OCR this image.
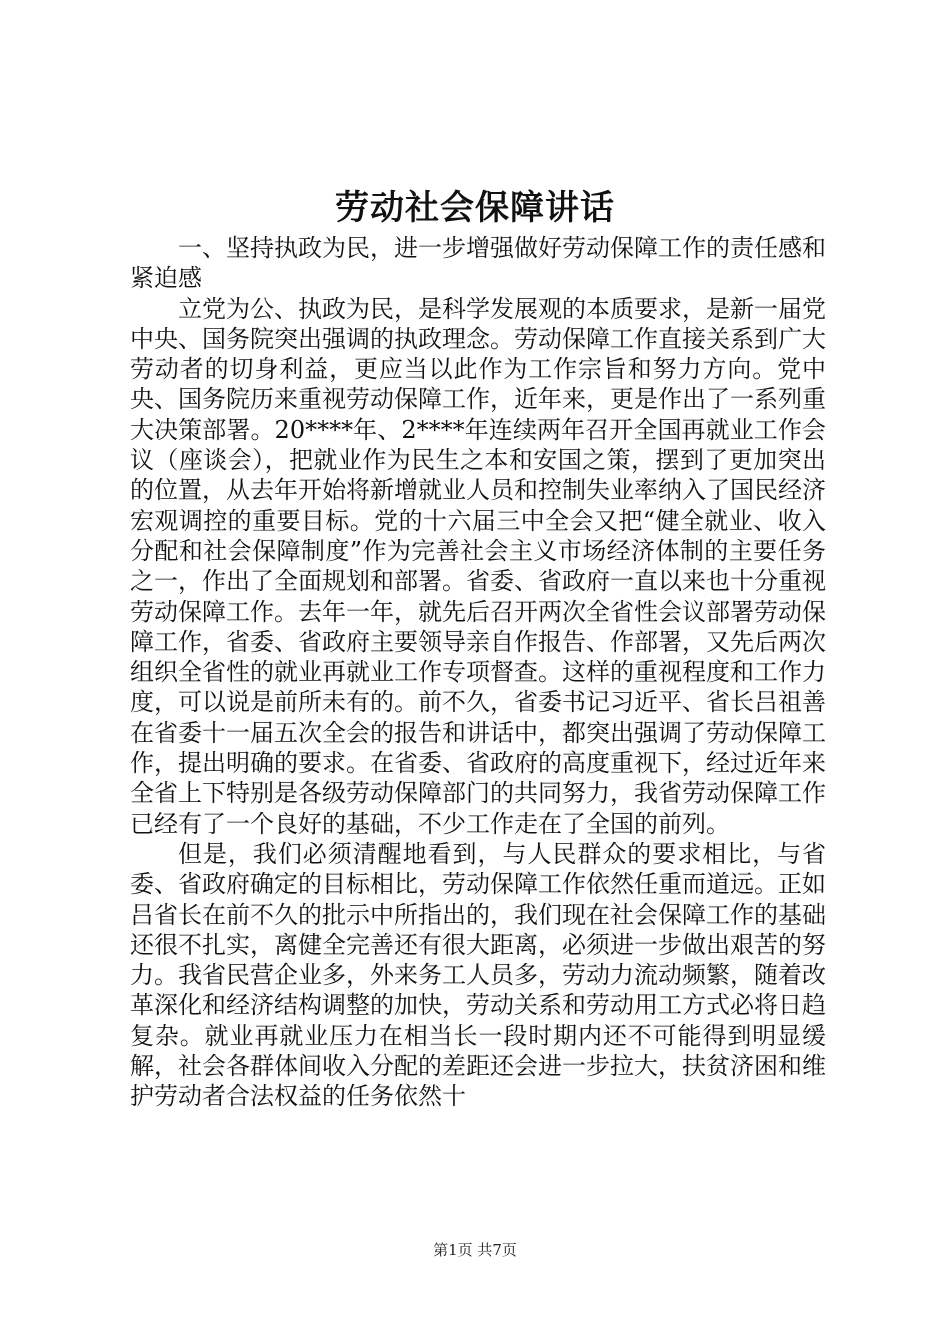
劳动社会保障讲话

一、坚持执政为民，进一步增强做好劳动保障工作的责任感和紧迫感

立党为公、执政为民，是科学发展观的本质要求，是新一届党中央、国务院突出强调的执政理念。劳动保障工作直接关系到广大劳动者的切身利益，更应当以此作为工作宗旨和努力方向。党中央、国务院历来重视劳动保障工作，近年来，更是作出了一系列重大决策部署。20****年、2****年连续两年召开全国再就业工作会议（座谈会），把就业作为民生之本和安国之策，摆到了更加突出的位置，从去年开始将新增就业人员和控制失业率纳入了国民经济宏观调控的重要目标。党的十六届三中全会又把“健全就业、收入分配和社会保障制度”作为完善社会主义市场经济体制的主要任务之一，作出了全面规划和部署。省委、省政府一直以来也十分重视劳动保障工作。去年一年，就先后召开两次全省性会议部署劳动保障工作，省委、省政府主要领导亲自作报告、作部署，又先后两次组织全省性的就业再就业工作专项督查。这样的重视程度和工作力度，可以说是前所未有的。前不久，省委书记习近平、省长吕祖善在省委十一届五次全会的报告和讲话中，都突出强调了劳动保障工作，提出明确的要求。在省委、省政府的高度重视下，经过近年来全省上下特别是各级劳动保障部门的共同努力，我省劳动保障工作已经有了一个良好的基础，不少工作走在了全国的前列。

但是，我们必须清醒地看到，与人民群众的要求相比，与省委、省政府确定的目标相比，劳动保障工作依然任重而道远。正如吕省长在前不久的批示中所指出的，我们现在社会保障工作的基础还很不扎实，离健全完善还有很大距离，必须进一步做出艰苦的努力。我省民营企业多，外来务工人员多，劳动力流动频繁，随着改革深化和经济结构调整的加快，劳动关系和劳动用工方式必将日趋复杂。就业再就业压力在相当长一段时期内还不可能得到明显缓解，社会各群体间收入分配的差距还会进一步拉大，扶贫济困和维护劳动者合法权益的任务依然十

第1页 共7页
